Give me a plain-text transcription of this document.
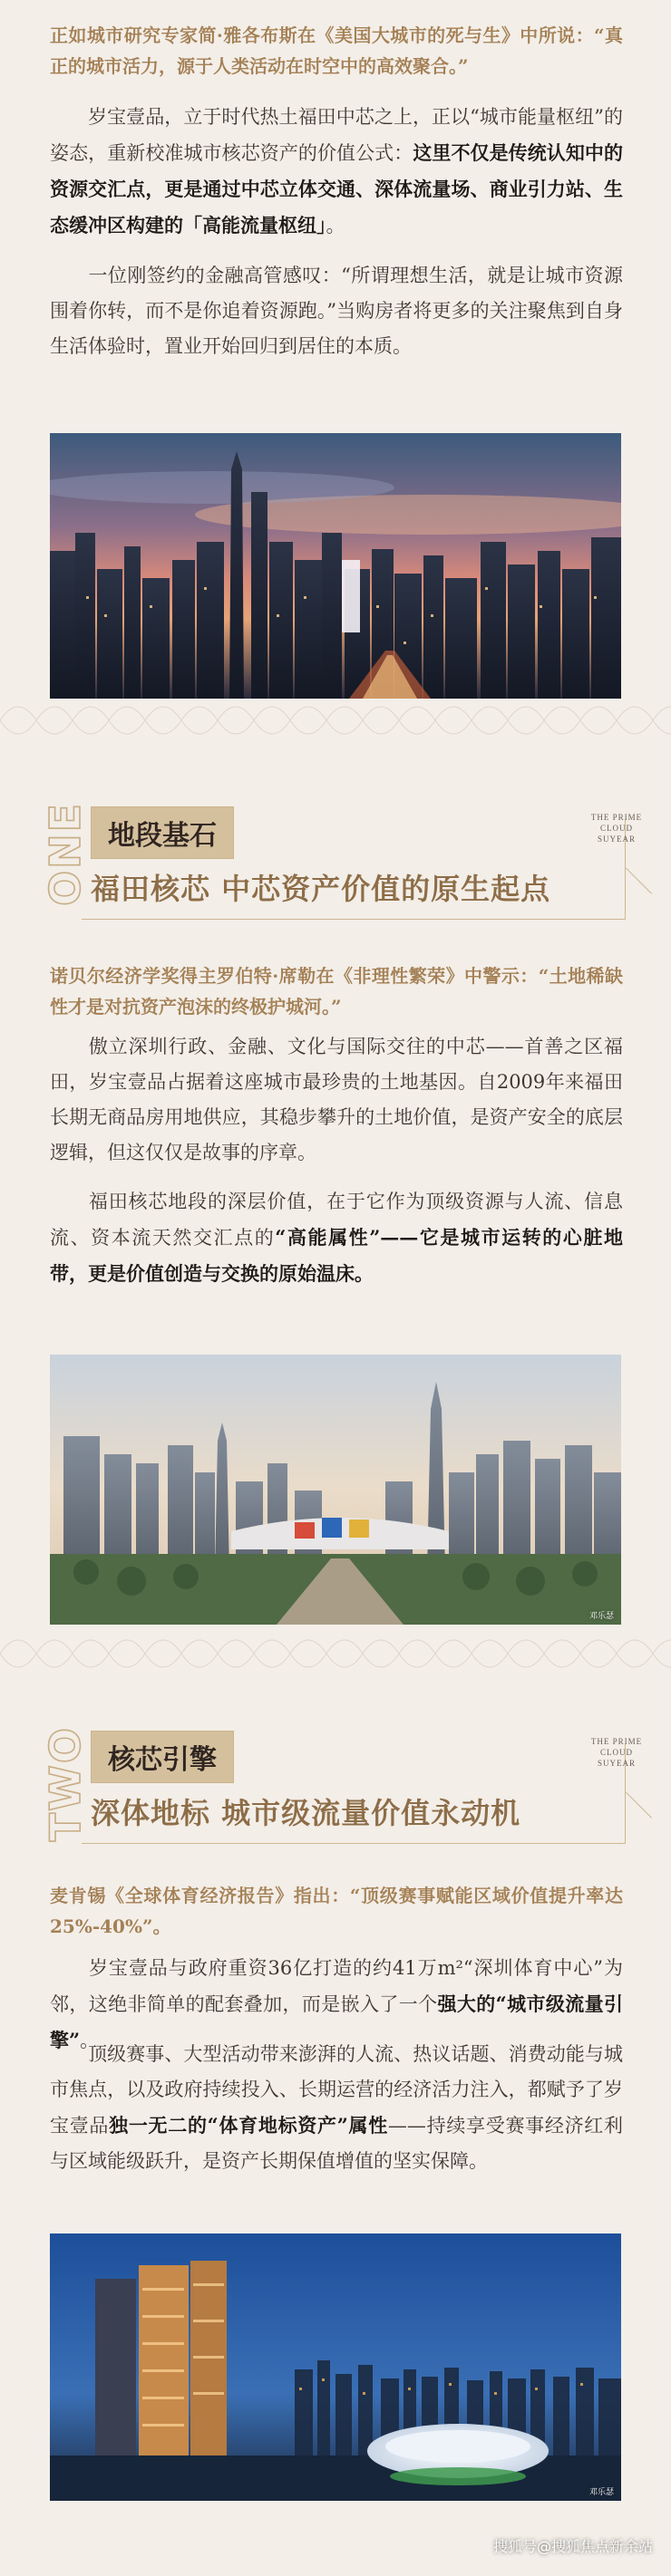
正如城市研究专家简·雅各布斯在《美国大城市的死与生》中所说：“真正的城市活力，源于人类活动在时空中的高效聚合。”
岁宝壹品，立于时代热土福田中芯之上，正以“城市能量枢纽”的姿态，重新校准城市核芯资产的价值公式：这里不仅是传统认知中的资源交汇点，更是通过中芯立体交通、深体流量场、商业引力站、生态缓冲区构建的「高能流量枢纽」。
一位刚签约的金融高管感叹：“所谓理想生活，就是让城市资源围着你转，而不是你追着资源跑。”当购房者将更多的关注聚焦到自身生活体验时，置业开始回归到居住的本质。
ONE 地段基石
THE PRIME CLOUD SUYEAR
福田核芯 中芯资产价值的原生起点
诺贝尔经济学奖得主罗伯特·席勒在《非理性繁荣》中警示：“土地稀缺性才是对抗资产泡沫的终极护城河。”
傲立深圳行政、金融、文化与国际交往的中芯——首善之区福田，岁宝壹品占据着这座城市最珍贵的土地基因。自2009年来福田长期无商品房用地供应，其稳步攀升的土地价值，是资产安全的底层逻辑，但这仅仅是故事的序章。
福田核芯地段的深层价值，在于它作为顶级资源与人流、信息流、资本流天然交汇点的“高能属性”——它是城市运转的心脏地带，更是价值创造与交换的原始温床。
邓乐瑟
TWO 核芯引擎
THE PRIME CLOUD SUYEAR
深体地标 城市级流量价值永动机
麦肯锡《全球体育经济报告》指出：“顶级赛事赋能区域价值提升率达25%-40%”。
岁宝壹品与政府重资36亿打造的约41万m²“深圳体育中心”为邻，这绝非简单的配套叠加，而是嵌入了一个强大的“城市级流量引擎”。
顶级赛事、大型活动带来澎湃的人流、热议话题、消费动能与城市焦点，以及政府持续投入、长期运营的经济活力注入，都赋予了岁宝壹品独一无二的“体育地标资产”属性——持续享受赛事经济红利与区域能级跃升，是资产长期保值增值的坚实保障。
邓乐瑟
搜狐号@搜狐焦点新余站
